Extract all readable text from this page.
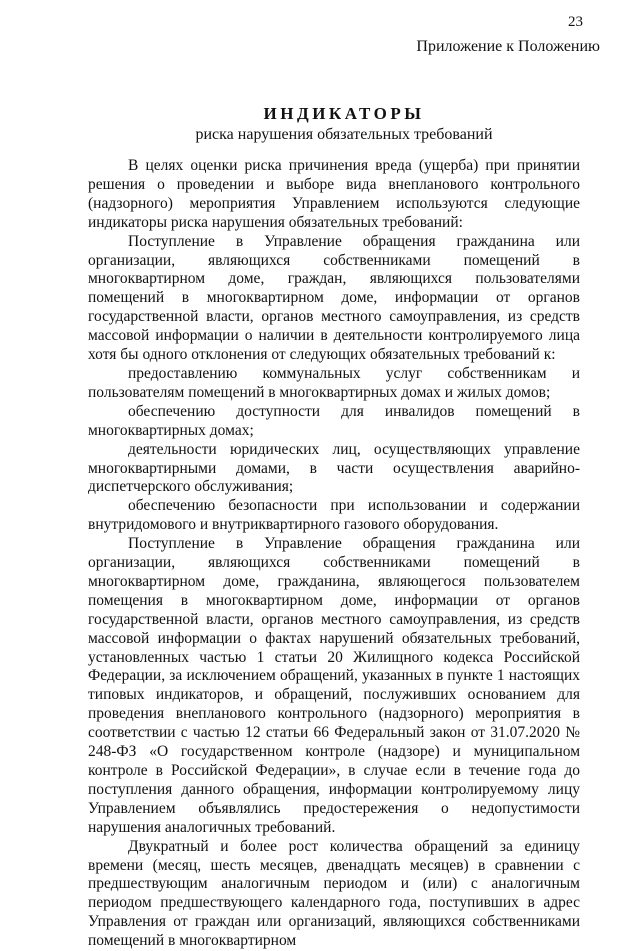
23
Приложение к Положению
ИНДИКАТОРЫ
риска нарушения обязательных требований

В целях оценки риска причинения вреда (ущерба) при принятии решения о проведении и выборе вида внепланового контрольного (надзорного) мероприятия Управлением используются следующие индикаторы риска нарушения обязательных требований:

Поступление в Управление обращения гражданина или организации, являющихся собственниками помещений в многоквартирном доме, граждан, являющихся пользователями помещений в многоквартирном доме, информации от органов государственной власти, органов местного самоуправления, из средств массовой информации о наличии в деятельности контролируемого лица хотя бы одного отклонения от следующих обязательных требований к:

предоставлению коммунальных услуг собственникам и пользователям помещений в многоквартирных домах и жилых домов;

обеспечению доступности для инвалидов помещений в многоквартирных домах;

деятельности юридических лиц, осуществляющих управление многоквартирными домами, в части осуществления аварийно-диспетчерского обслуживания;

обеспечению безопасности при использовании и содержании внутридомового и внутриквартирного газового оборудования.

Поступление в Управление обращения гражданина или организации, являющихся собственниками помещений в многоквартирном доме, гражданина, являющегося пользователем помещения в многоквартирном доме, информации от органов государственной власти, органов местного самоуправления, из средств массовой информации о фактах нарушений обязательных требований, установленных частью 1 статьи 20 Жилищного кодекса Российской Федерации, за исключением обращений, указанных в пункте 1 настоящих типовых индикаторов, и обращений, послуживших основанием для проведения внепланового контрольного (надзорного) мероприятия в соответствии с частью 12 статьи 66 Федеральный закон от 31.07.2020 № 248-ФЗ «О государственном контроле (надзоре) и муниципальном контроле в Российской Федерации», в случае если в течение года до поступления данного обращения, информации контролируемому лицу Управлением объявлялись предостережения о недопустимости нарушения аналогичных требований.

Двукратный и более рост количества обращений за единицу времени (месяц, шесть месяцев, двенадцать месяцев) в сравнении с предшествующим аналогичным периодом и (или) с аналогичным периодом предшествующего календарного года, поступивших в адрес Управления от граждан или организаций, являющихся собственниками помещений в многоквартирном
